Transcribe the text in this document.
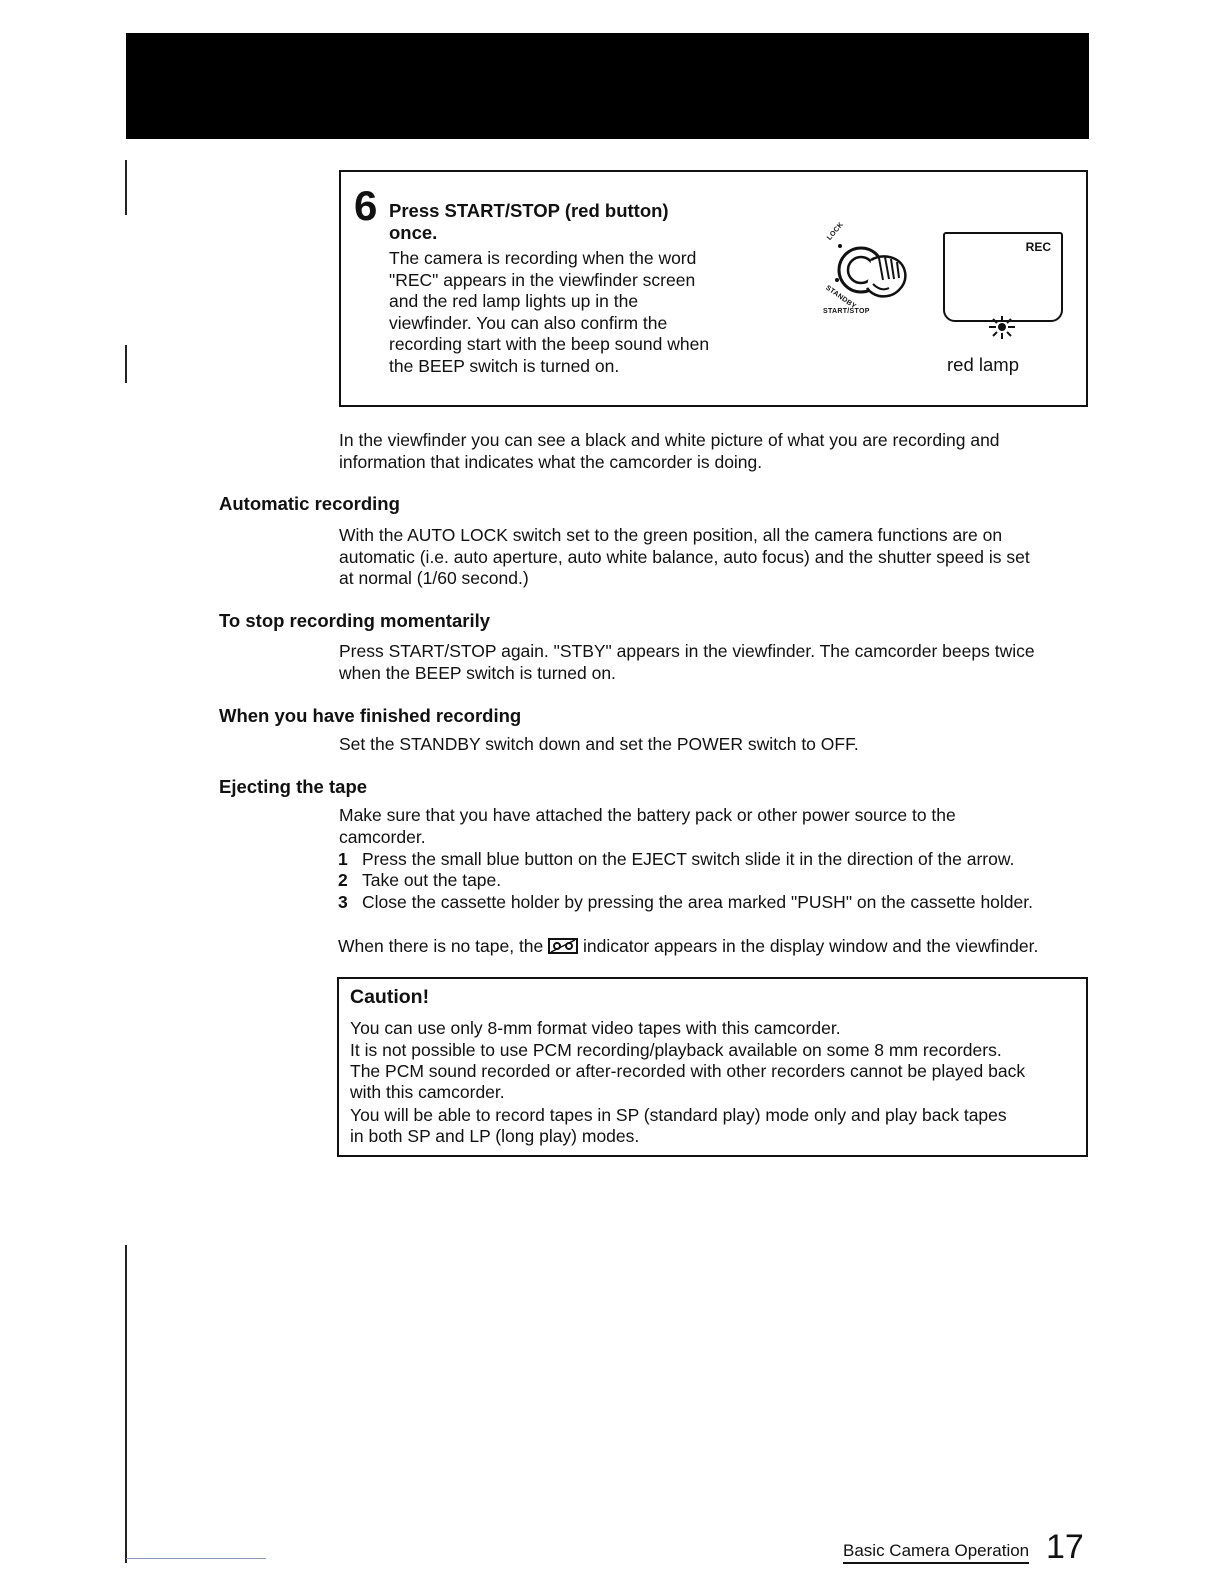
6 Press START/STOP (red button)
once.
The camera is recording when the word
"REC" appears in the viewfinder screen
and the red lamp lights up in the
viewfinder. You can also confirm the
recording start with the beep sound when
the BEEP switch is turned on.
LOCK
STANDBY
START/STOP
REC
red lamp
In the viewfinder you can see a black and white picture of what you are recording and
information that indicates what the camcorder is doing.
Automatic recording
With the AUTO LOCK switch set to the green position, all the camera functions are on
automatic (i.e. auto aperture, auto white balance, auto focus) and the shutter speed is set
at normal (1/60 second.)
To stop recording momentarily
Press START/STOP again. "STBY" appears in the viewfinder. The camcorder beeps twice
when the BEEP switch is turned on.
When you have finished recording
Set the STANDBY switch down and set the POWER switch to OFF.
Ejecting the tape
Make sure that you have attached the battery pack or other power source to the
camcorder.
1 Press the small blue button on the EJECT switch slide it in the direction of the arrow.
2 Take out the tape.
3 Close the cassette holder by pressing the area marked "PUSH" on the cassette holder.
When there is no tape, the indicator appears in the display window and the viewfinder.
Caution!
You can use only 8-mm format video tapes with this camcorder.
It is not possible to use PCM recording/playback available on some 8 mm recorders.
The PCM sound recorded or after-recorded with other recorders cannot be played back
with this camcorder.
You will be able to record tapes in SP (standard play) mode only and play back tapes
in both SP and LP (long play) modes.
Basic Camera Operation 17
